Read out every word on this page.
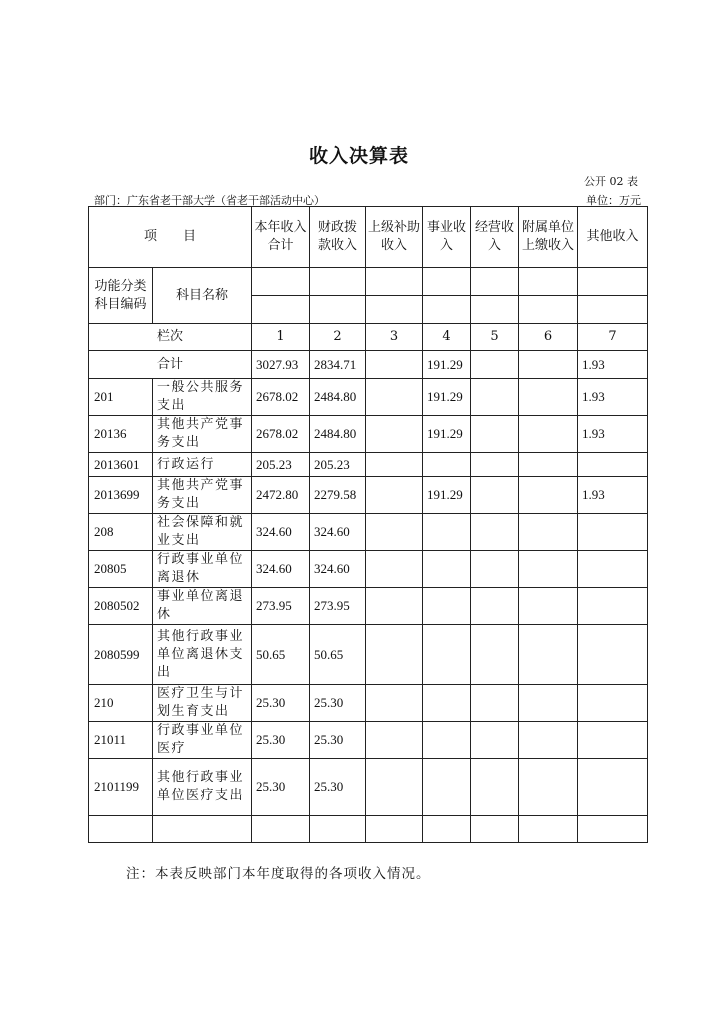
收入决算表
公开 02 表
部门：广东省老干部大学（省老干部活动中心）	单位：万元
项　　目		本年收入合计	财政拨款收入	上级补助收入	事业收入	经营收入	附属单位上缴收入	其他收入
功能分类科目编码	科目名称							

栏次		1	2	3	4	5	6	7
合计		3027.93	2834.71		191.29			1.93
201	一般公共服务支出	2678.02	2484.80		191.29			1.93
20136	其他共产党事务支出	2678.02	2484.80		191.29			1.93
2013601	行政运行	205.23	205.23					
2013699	其他共产党事务支出	2472.80	2279.58		191.29			1.93
208	社会保障和就业支出	324.60	324.60					
20805	行政事业单位离退休	324.60	324.60					
2080502	事业单位离退休	273.95	273.95					
2080599	其他行政事业单位离退休支出	50.65	50.65					
210	医疗卫生与计划生育支出	25.30	25.30					
21011	行政事业单位医疗	25.30	25.30					
2101199	其他行政事业单位医疗支出	25.30	25.30					

注：本表反映部门本年度取得的各项收入情况。
